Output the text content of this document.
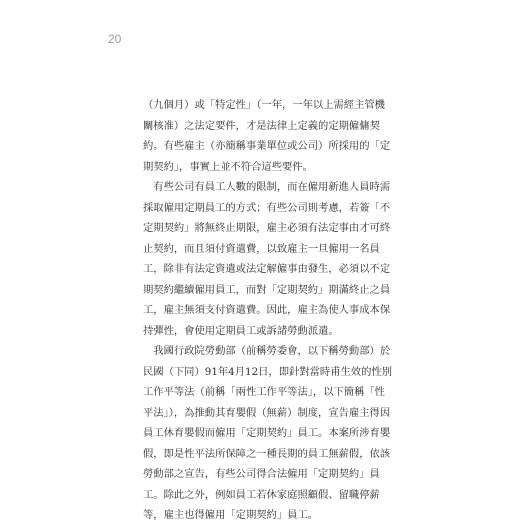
20

（九個月）或「特定性」（一年，一年以上需經主管機關核准）之法定要件，才是法律上定義的定期僱傭契約。有些雇主（亦簡稱事業單位或公司）所採用的「定期契約」，事實上並不符合這些要件。

有些公司有員工人數的限制，而在僱用新進人員時需採取僱用定期員工的方式；有些公司則考慮，若簽「不定期契約」將無終止期限，雇主必須有法定事由才可終止契約，而且須付資遣費，以致雇主一旦僱用一名員工，除非有法定資遣或法定解僱事由發生，必須以不定期契約繼續僱用員工，而對「定期契約」期滿終止之員工，雇主無須支付資遣費。因此，雇主為使人事成本保持彈性，會使用定期員工或訴諸勞動派遣。

我國行政院勞動部（前稱勞委會，以下稱勞動部）於民國（下同）91年4月12日，即針對當時甫生效的性別工作平等法（前稱「兩性工作平等法」，以下簡稱「性平法」），為推動其育嬰假（無薪）制度，宣告雇主得因員工休育嬰假而僱用「定期契約」員工。本案所涉育嬰假，即是性平法所保障之一種長期的員工無薪假，依該勞動部之宣告，有些公司得合法僱用「定期契約」員工。除此之外，例如員工若休家庭照顧假、留職停薪等，雇主也得僱用「定期契約」員工。
